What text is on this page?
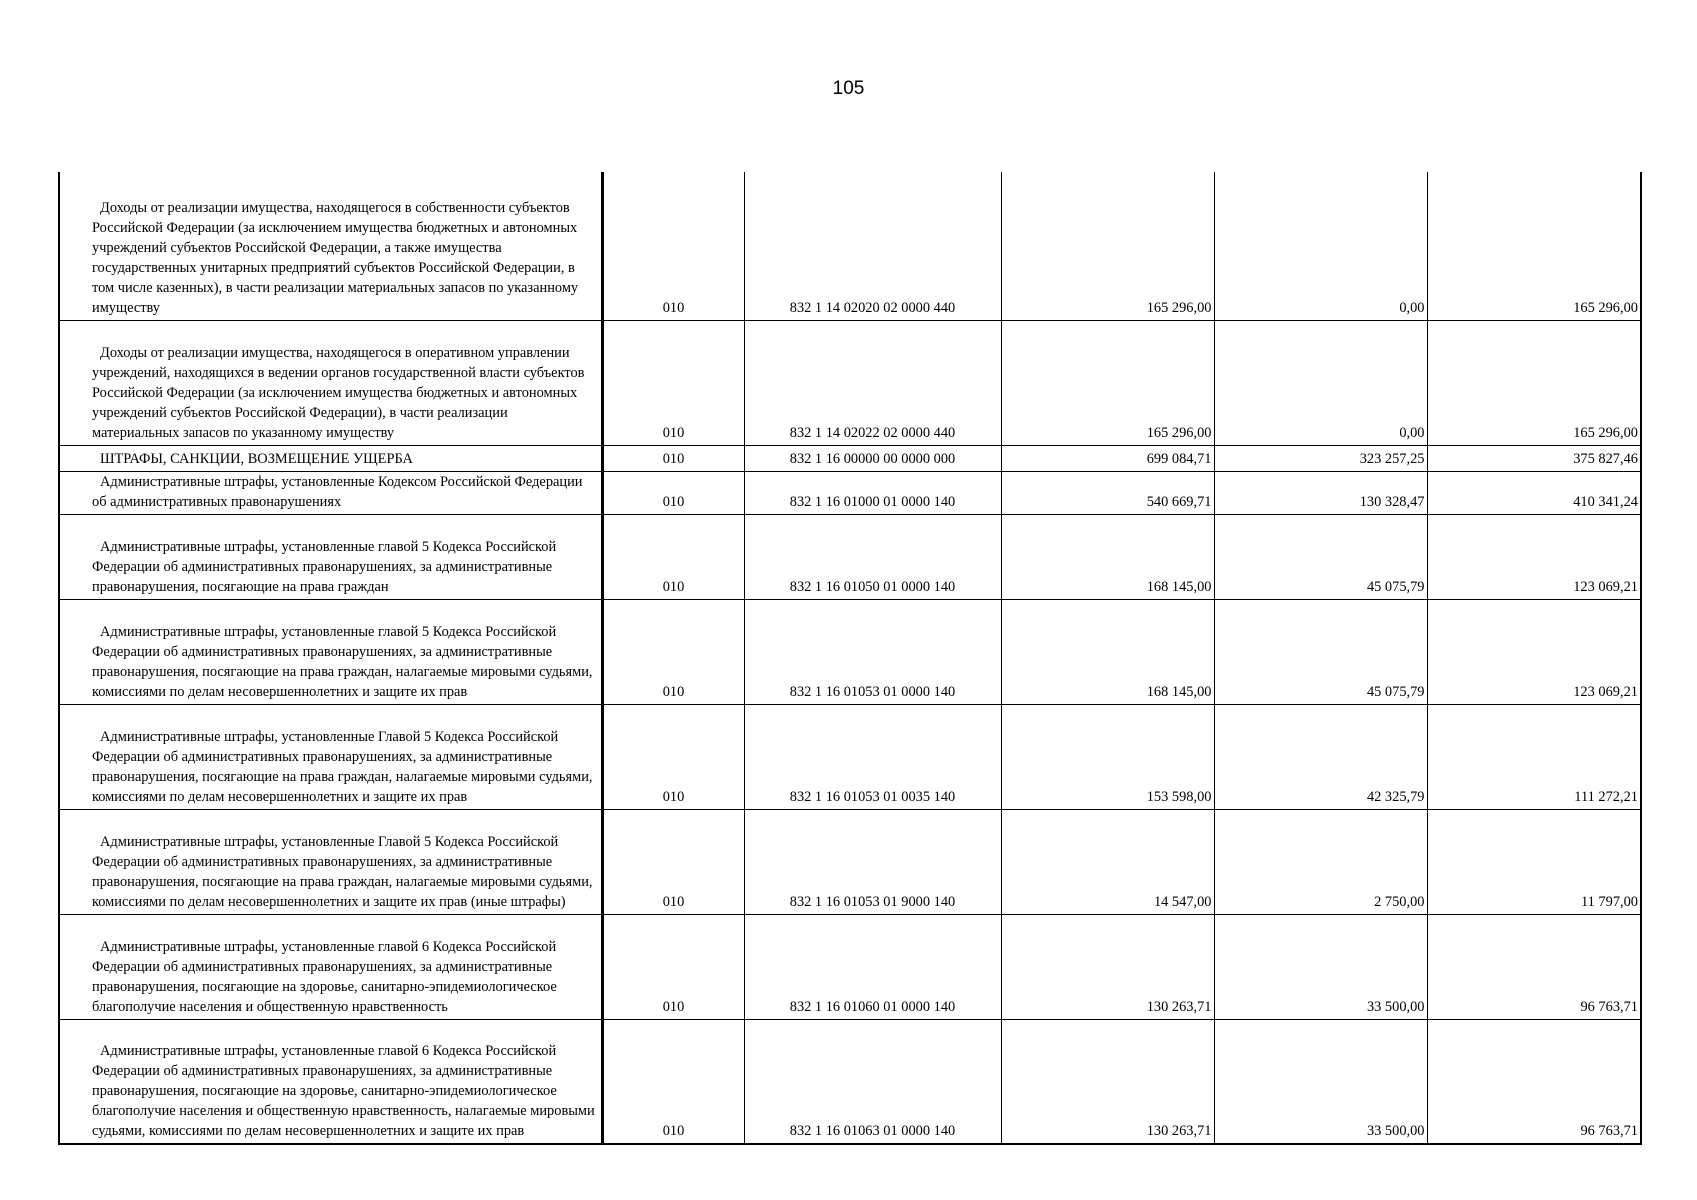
105
Доходы от реализации имущества, находящегося в собственности субъектов Российской Федерации (за исключением имущества бюджетных и автономных учреждений субъектов Российской Федерации, а также имущества государственных унитарных предприятий субъектов Российской Федерации, в том числе казенных), в части реализации материальных запасов по указанному имуществу	010	832 1 14 02020 02 0000 440	165 296,00	0,00	165 296,00
Доходы от реализации имущества, находящегося в оперативном управлении учреждений, находящихся в ведении органов государственной власти субъектов Российской Федерации (за исключением имущества бюджетных и автономных учреждений субъектов Российской Федерации), в части реализации материальных запасов по указанному имуществу	010	832 1 14 02022 02 0000 440	165 296,00	0,00	165 296,00
ШТРАФЫ, САНКЦИИ, ВОЗМЕЩЕНИЕ УЩЕРБА	010	832 1 16 00000 00 0000 000	699 084,71	323 257,25	375 827,46
Административные штрафы, установленные Кодексом Российской Федерации об административных правонарушениях	010	832 1 16 01000 01 0000 140	540 669,71	130 328,47	410 341,24
Административные штрафы, установленные главой 5 Кодекса Российской Федерации об административных правонарушениях, за административные правонарушения, посягающие на права граждан	010	832 1 16 01050 01 0000 140	168 145,00	45 075,79	123 069,21
Административные штрафы, установленные главой 5 Кодекса Российской Федерации об административных правонарушениях, за административные правонарушения, посягающие на права граждан, налагаемые мировыми судьями, комиссиями по делам несовершеннолетних и защите их прав	010	832 1 16 01053 01 0000 140	168 145,00	45 075,79	123 069,21
Административные штрафы, установленные Главой 5 Кодекса Российской Федерации об административных правонарушениях, за административные правонарушения, посягающие на права граждан, налагаемые мировыми судьями, комиссиями по делам несовершеннолетних и защите их прав	010	832 1 16 01053 01 0035 140	153 598,00	42 325,79	111 272,21
Административные штрафы, установленные Главой 5 Кодекса Российской Федерации об административных правонарушениях, за административные правонарушения, посягающие на права граждан, налагаемые мировыми судьями, комиссиями по делам несовершеннолетних и защите их прав (иные штрафы)	010	832 1 16 01053 01 9000 140	14 547,00	2 750,00	11 797,00
Административные штрафы, установленные главой 6 Кодекса Российской Федерации об административных правонарушениях, за административные правонарушения, посягающие на здоровье, санитарно-эпидемиологическое благополучие населения и общественную нравственность	010	832 1 16 01060 01 0000 140	130 263,71	33 500,00	96 763,71
Административные штрафы, установленные главой 6 Кодекса Российской Федерации об административных правонарушениях, за административные правонарушения, посягающие на здоровье, санитарно-эпидемиологическое благополучие населения и общественную нравственность, налагаемые мировыми судьями, комиссиями по делам несовершеннолетних и защите их прав	010	832 1 16 01063 01 0000 140	130 263,71	33 500,00	96 763,71
